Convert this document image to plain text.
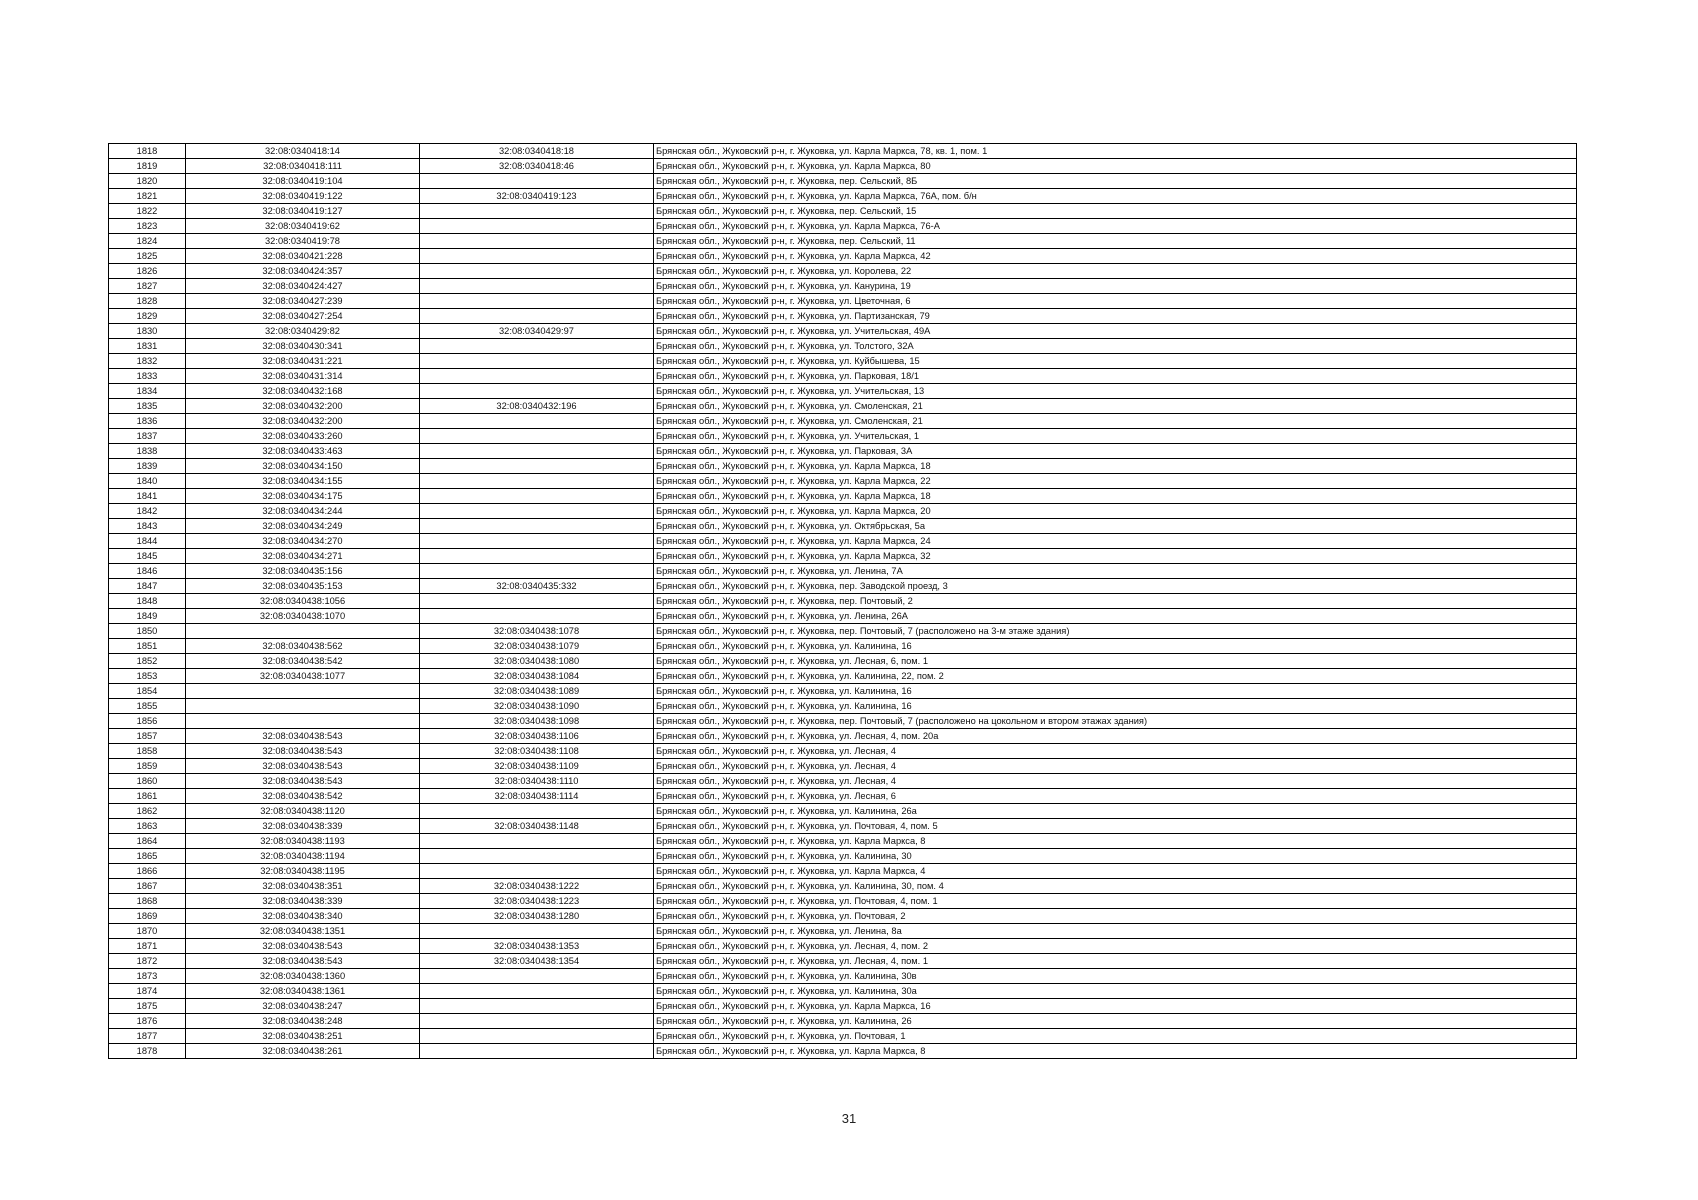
1818	32:08:0340418:14	32:08:0340418:18	Брянская обл., Жуковский р-н, г. Жуковка, ул. Карла Маркса, 78, кв. 1, пом. 1
1819	32:08:0340418:111	32:08:0340418:46	Брянская обл., Жуковский р-н, г. Жуковка, ул. Карла Маркса, 80
1820	32:08:0340419:104		Брянская обл., Жуковский р-н, г. Жуковка, пер. Сельский, 8Б
1821	32:08:0340419:122	32:08:0340419:123	Брянская обл., Жуковский р-н, г. Жуковка, ул. Карла Маркса, 76А, пом. б/н
1822	32:08:0340419:127		Брянская обл., Жуковский р-н, г. Жуковка, пер. Сельский, 15
1823	32:08:0340419:62		Брянская обл., Жуковский р-н, г. Жуковка, ул. Карла Маркса, 76-А
1824	32:08:0340419:78		Брянская обл., Жуковский р-н, г. Жуковка, пер. Сельский, 11
1825	32:08:0340421:228		Брянская обл., Жуковский р-н, г. Жуковка, ул. Карла Маркса, 42
1826	32:08:0340424:357		Брянская обл., Жуковский р-н, г. Жуковка, ул. Королева, 22
1827	32:08:0340424:427		Брянская обл., Жуковский р-н, г. Жуковка, ул. Канурина, 19
1828	32:08:0340427:239		Брянская обл., Жуковский р-н, г. Жуковка, ул. Цветочная, 6
1829	32:08:0340427:254		Брянская обл., Жуковский р-н, г. Жуковка, ул. Партизанская, 79
1830	32:08:0340429:82	32:08:0340429:97	Брянская обл., Жуковский р-н, г. Жуковка, ул. Учительская, 49А
1831	32:08:0340430:341		Брянская обл., Жуковский р-н, г. Жуковка, ул. Толстого, 32А
1832	32:08:0340431:221		Брянская обл., Жуковский р-н, г. Жуковка, ул. Куйбышева, 15
1833	32:08:0340431:314		Брянская обл., Жуковский р-н, г. Жуковка, ул. Парковая, 18/1
1834	32:08:0340432:168		Брянская обл., Жуковский р-н, г. Жуковка, ул. Учительская, 13
1835	32:08:0340432:200	32:08:0340432:196	Брянская обл., Жуковский р-н, г. Жуковка, ул. Смоленская, 21
1836	32:08:0340432:200		Брянская обл., Жуковский р-н, г. Жуковка, ул. Смоленская, 21
1837	32:08:0340433:260		Брянская обл., Жуковский р-н, г. Жуковка, ул. Учительская, 1
1838	32:08:0340433:463		Брянская обл., Жуковский р-н, г. Жуковка, ул. Парковая, 3А
1839	32:08:0340434:150		Брянская обл., Жуковский р-н, г. Жуковка, ул. Карла Маркса, 18
1840	32:08:0340434:155		Брянская обл., Жуковский р-н, г. Жуковка, ул. Карла Маркса, 22
1841	32:08:0340434:175		Брянская обл., Жуковский р-н, г. Жуковка, ул. Карла Маркса, 18
1842	32:08:0340434:244		Брянская обл., Жуковский р-н, г. Жуковка, ул. Карла Маркса, 20
1843	32:08:0340434:249		Брянская обл., Жуковский р-н, г. Жуковка, ул. Октябрьская, 5а
1844	32:08:0340434:270		Брянская обл., Жуковский р-н, г. Жуковка, ул. Карла Маркса, 24
1845	32:08:0340434:271		Брянская обл., Жуковский р-н, г. Жуковка, ул. Карла Маркса, 32
1846	32:08:0340435:156		Брянская обл., Жуковский р-н, г. Жуковка, ул. Ленина, 7А
1847	32:08:0340435:153	32:08:0340435:332	Брянская обл., Жуковский р-н, г. Жуковка, пер. Заводской проезд, 3
1848	32:08:0340438:1056		Брянская обл., Жуковский р-н, г. Жуковка, пер. Почтовый, 2
1849	32:08:0340438:1070		Брянская обл., Жуковский р-н, г. Жуковка, ул. Ленина, 26А
1850		32:08:0340438:1078	Брянская обл., Жуковский р-н, г. Жуковка, пер. Почтовый, 7 (расположено на 3-м этаже здания)
1851	32:08:0340438:562	32:08:0340438:1079	Брянская обл., Жуковский р-н, г. Жуковка, ул. Калинина, 16
1852	32:08:0340438:542	32:08:0340438:1080	Брянская обл., Жуковский р-н, г. Жуковка, ул. Лесная, 6, пом. 1
1853	32:08:0340438:1077	32:08:0340438:1084	Брянская обл., Жуковский р-н, г. Жуковка, ул. Калинина, 22, пом. 2
1854		32:08:0340438:1089	Брянская обл., Жуковский р-н, г. Жуковка, ул. Калинина, 16
1855		32:08:0340438:1090	Брянская обл., Жуковский р-н, г. Жуковка, ул. Калинина, 16
1856		32:08:0340438:1098	Брянская обл., Жуковский р-н, г. Жуковка, пер. Почтовый, 7 (расположено на цокольном и втором этажах здания)
1857	32:08:0340438:543	32:08:0340438:1106	Брянская обл., Жуковский р-н, г. Жуковка, ул. Лесная, 4, пом. 20а
1858	32:08:0340438:543	32:08:0340438:1108	Брянская обл., Жуковский р-н, г. Жуковка, ул. Лесная, 4
1859	32:08:0340438:543	32:08:0340438:1109	Брянская обл., Жуковский р-н, г. Жуковка, ул. Лесная, 4
1860	32:08:0340438:543	32:08:0340438:1110	Брянская обл., Жуковский р-н, г. Жуковка, ул. Лесная, 4
1861	32:08:0340438:542	32:08:0340438:1114	Брянская обл., Жуковский р-н, г. Жуковка, ул. Лесная, 6
1862	32:08:0340438:1120		Брянская обл., Жуковский р-н, г. Жуковка, ул. Калинина, 26а
1863	32:08:0340438:339	32:08:0340438:1148	Брянская обл., Жуковский р-н, г. Жуковка, ул. Почтовая, 4, пом. 5
1864	32:08:0340438:1193		Брянская обл., Жуковский р-н, г. Жуковка, ул. Карла Маркса, 8
1865	32:08:0340438:1194		Брянская обл., Жуковский р-н, г. Жуковка, ул. Калинина, 30
1866	32:08:0340438:1195		Брянская обл., Жуковский р-н, г. Жуковка, ул. Карла Маркса, 4
1867	32:08:0340438:351	32:08:0340438:1222	Брянская обл., Жуковский р-н, г. Жуковка, ул. Калинина, 30, пом. 4
1868	32:08:0340438:339	32:08:0340438:1223	Брянская обл., Жуковский р-н, г. Жуковка, ул. Почтовая, 4, пом. 1
1869	32:08:0340438:340	32:08:0340438:1280	Брянская обл., Жуковский р-н, г. Жуковка, ул. Почтовая, 2
1870	32:08:0340438:1351		Брянская обл., Жуковский р-н, г. Жуковка, ул. Ленина, 8а
1871	32:08:0340438:543	32:08:0340438:1353	Брянская обл., Жуковский р-н, г. Жуковка, ул. Лесная, 4, пом. 2
1872	32:08:0340438:543	32:08:0340438:1354	Брянская обл., Жуковский р-н, г. Жуковка, ул. Лесная, 4, пом. 1
1873	32:08:0340438:1360		Брянская обл., Жуковский р-н, г. Жуковка, ул. Калинина, 30в
1874	32:08:0340438:1361		Брянская обл., Жуковский р-н, г. Жуковка, ул. Калинина, 30а
1875	32:08:0340438:247		Брянская обл., Жуковский р-н, г. Жуковка, ул. Карла Маркса, 16
1876	32:08:0340438:248		Брянская обл., Жуковский р-н, г. Жуковка, ул. Калинина, 26
1877	32:08:0340438:251		Брянская обл., Жуковский р-н, г. Жуковка, ул. Почтовая, 1
1878	32:08:0340438:261		Брянская обл., Жуковский р-н, г. Жуковка, ул. Карла Маркса, 8
31
